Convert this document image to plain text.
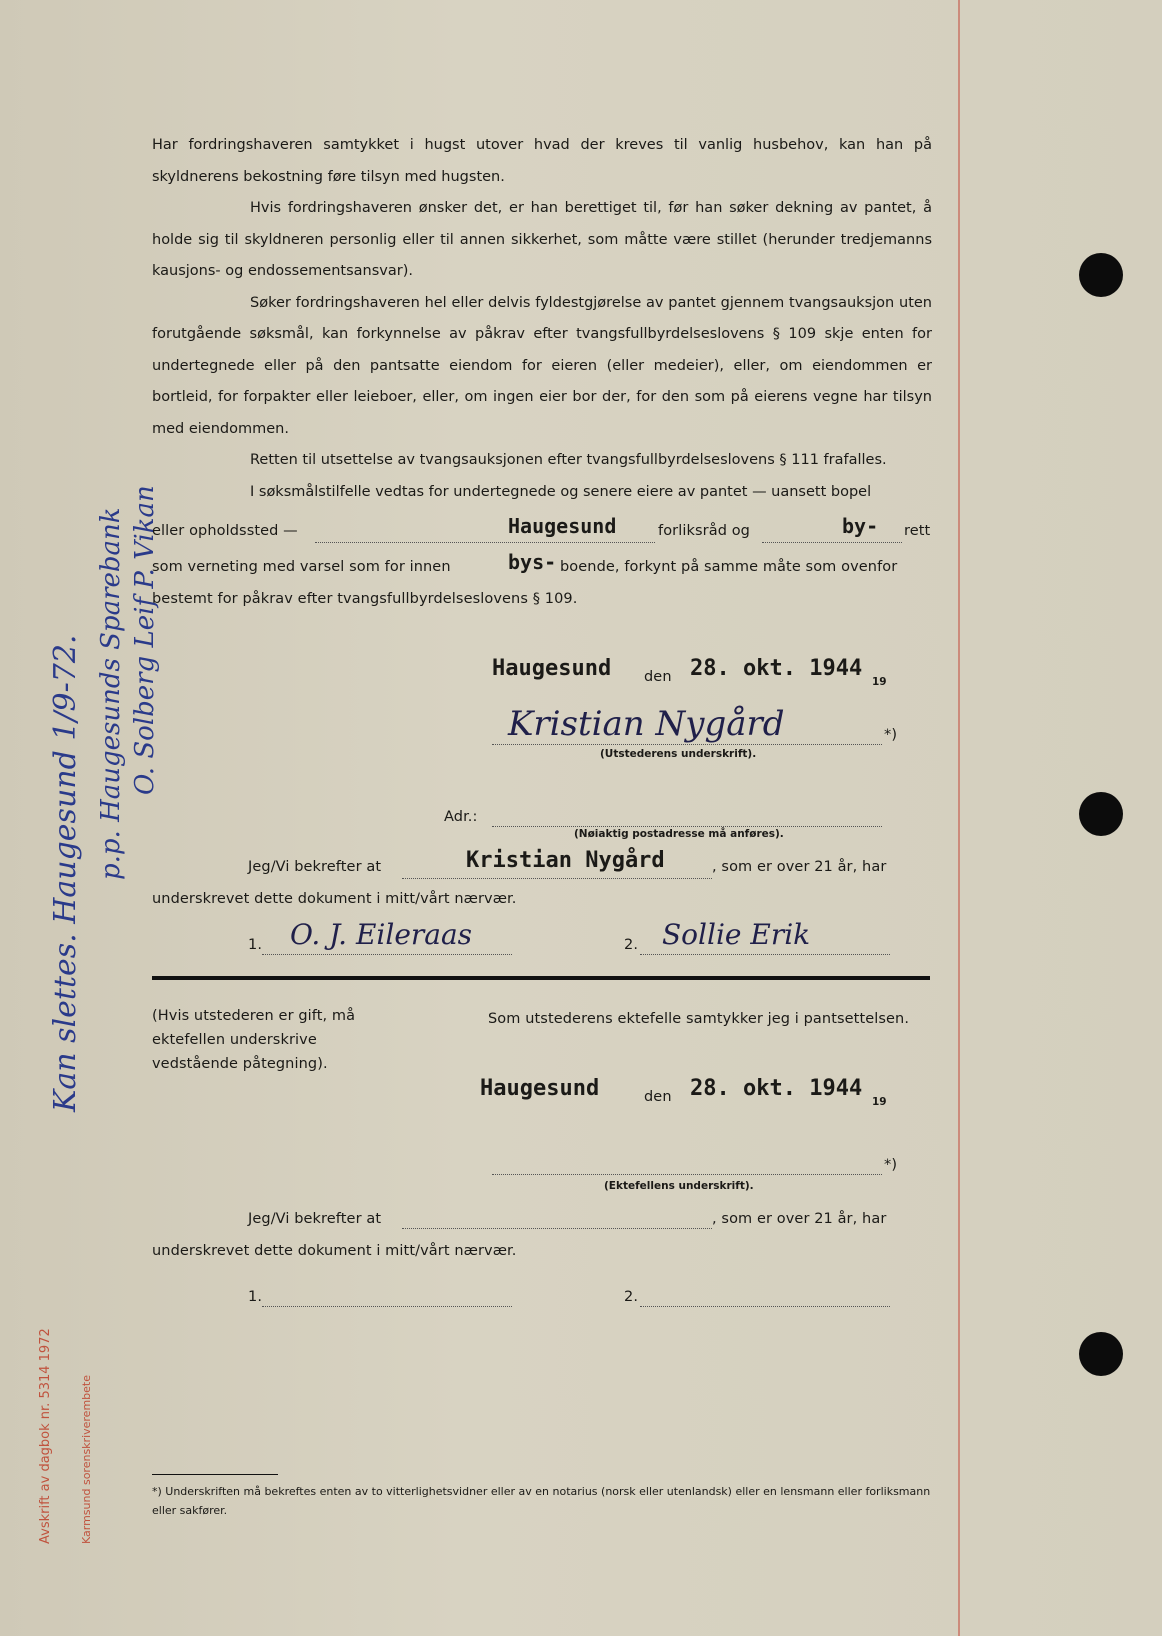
Har fordringshaveren samtykket i hugst utover hvad der kreves til vanlig husbehov, kan han på skyldnerens bekostning føre tilsyn med hugsten.

Hvis fordringshaveren ønsker det, er han berettiget til, før han søker dekning av pantet, å holde sig til skyldneren personlig eller til annen sikkerhet, som måtte være stillet (herunder tredjemanns kausjons- og endossementsansvar).

Søker fordringshaveren hel eller delvis fyldestgjørelse av pantet gjennem tvangsauksjon uten forutgående søksmål, kan forkynnelse av påkrav efter tvangsfullbyrdelseslovens § 109 skje enten for undertegnede eller på den pantsatte eiendom for eieren (eller medeier), eller, om eiendommen er bortleid, for forpakter eller leieboer, eller, om ingen eier bor der, for den som på eierens vegne har tilsyn med eiendommen.

Retten til utsettelse av tvangsauksjonen efter tvangsfullbyrdelseslovens § 111 frafalles.

I søksmålstilfelle vedtas for undertegnede og senere eiere av pantet — uansett bopel

eller opholdssted —	Haugesund	forliksråd og	by- rett
som verneting med varsel som for innen	bys- boende, forkynt på samme måte som ovenfor
bestemt for påkrav efter tvangsfullbyrdelseslovens § 109.
Haugesund den 28. okt. 1944
19
Kristian Nygård	*)
(Utstederens underskrift).
Adr.:
(Nøiaktig postadresse må anføres).
Jeg/Vi bekrefter at	Kristian Nygård	, som er over 21 år, har
underskrevet dette dokument i mitt/vårt nærvær.
1. O. J. Eileraas	2. Sollie Erik
(Hvis utstederen er gift, må ektefellen underskrive vedstående påtegning).
Som utstederens ektefelle samtykker jeg i pantsettelsen.
Haugesund	den 28. okt. 1944
19
*)
(Ektefellens underskrift).
Jeg/Vi bekrefter at	, som er over 21 år, har
underskrevet dette dokument i mitt/vårt nærvær.
1.	2.
*) Underskriften må bekreftes enten av to vitterlighetsvidner eller av en notarius (norsk eller utenlandsk) eller en lensmann eller forliksmann eller sakfører.
Kan slettes. Haugesund 1/9-72. p.p. Haugesunds Sparebank O. Solberg Leif P. Vikan
Avskrift av dagbok nr. 5314 1972 Karmsund sorenskriverembete
